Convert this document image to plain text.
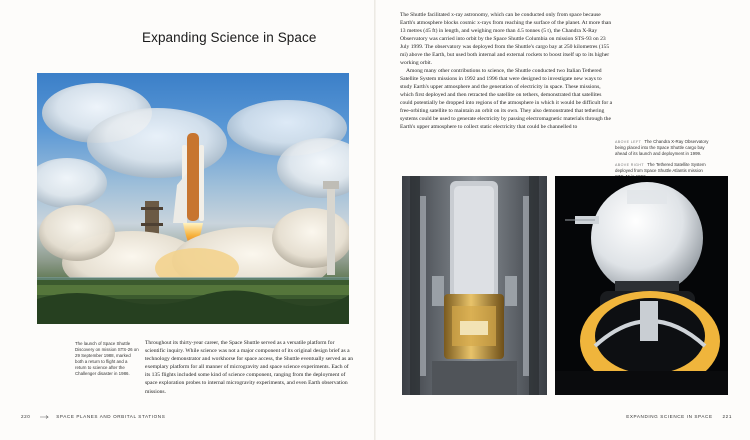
Expanding Science in Space
The launch of Space Shuttle Discovery on mission STS-26 on 29 September 1988, marked both a return to flight and a return to science after the Challenger disaster in 1986.

Throughout its thirty-year career, the Space Shuttle served as a versatile platform for scientific inquiry. While science was not a major component of its original design brief as a technology demonstrator and workhorse for space access, the Shuttle eventually served as an exemplary platform for all manner of microgravity and space science experiments. Each of its 135 flights included some kind of science component, ranging from the deployment of space exploration probes to internal microgravity experiments, and even Earth observation missions.

220	SPACE PLANES AND ORBITAL STATIONS

The Shuttle facilitated x-ray astronomy, which can be conducted only from space because Earth's atmosphere blocks cosmic x-rays from reaching the surface of the planet. At more than 13 metres (45 ft) in length, and weighing more than 4.5 tonnes (5 t), the Chandra X-Ray Observatory was carried into orbit by the Space Shuttle Columbia on mission STS-93 on 23 July 1999. The observatory was deployed from the Shuttle's cargo bay at 250 kilometres (155 mi) above the Earth, but used both internal and external rockets to boost itself up to its higher working orbit.

Among many other contributions to science, the Shuttle conducted two Italian Tethered Satellite System missions in 1992 and 1996 that were designed to investigate new ways to study Earth's upper atmosphere and the generation of electricity in space. These missions, which first deployed and then retracted the satellite on tethers, demonstrated that satellites could potentially be dropped into regions of the atmosphere in which it would be difficult for a free-orbiting satellite to maintain an orbit on its own. They also demonstrated that tethering systems could be used to generate electricity by passing electromagnetic materials through the Earth's upper atmosphere to collect static electricity that could be channelled to

ABOVE LEFT The Chandra X-Ray Observatory being placed into the Space Shuttle cargo bay ahead of its launch and deployment in 1999.
ABOVE RIGHT The Tethered Satellite System deployed from Space Shuttle Atlantis mission
EXPANDING SCIENCE IN SPACE 221
